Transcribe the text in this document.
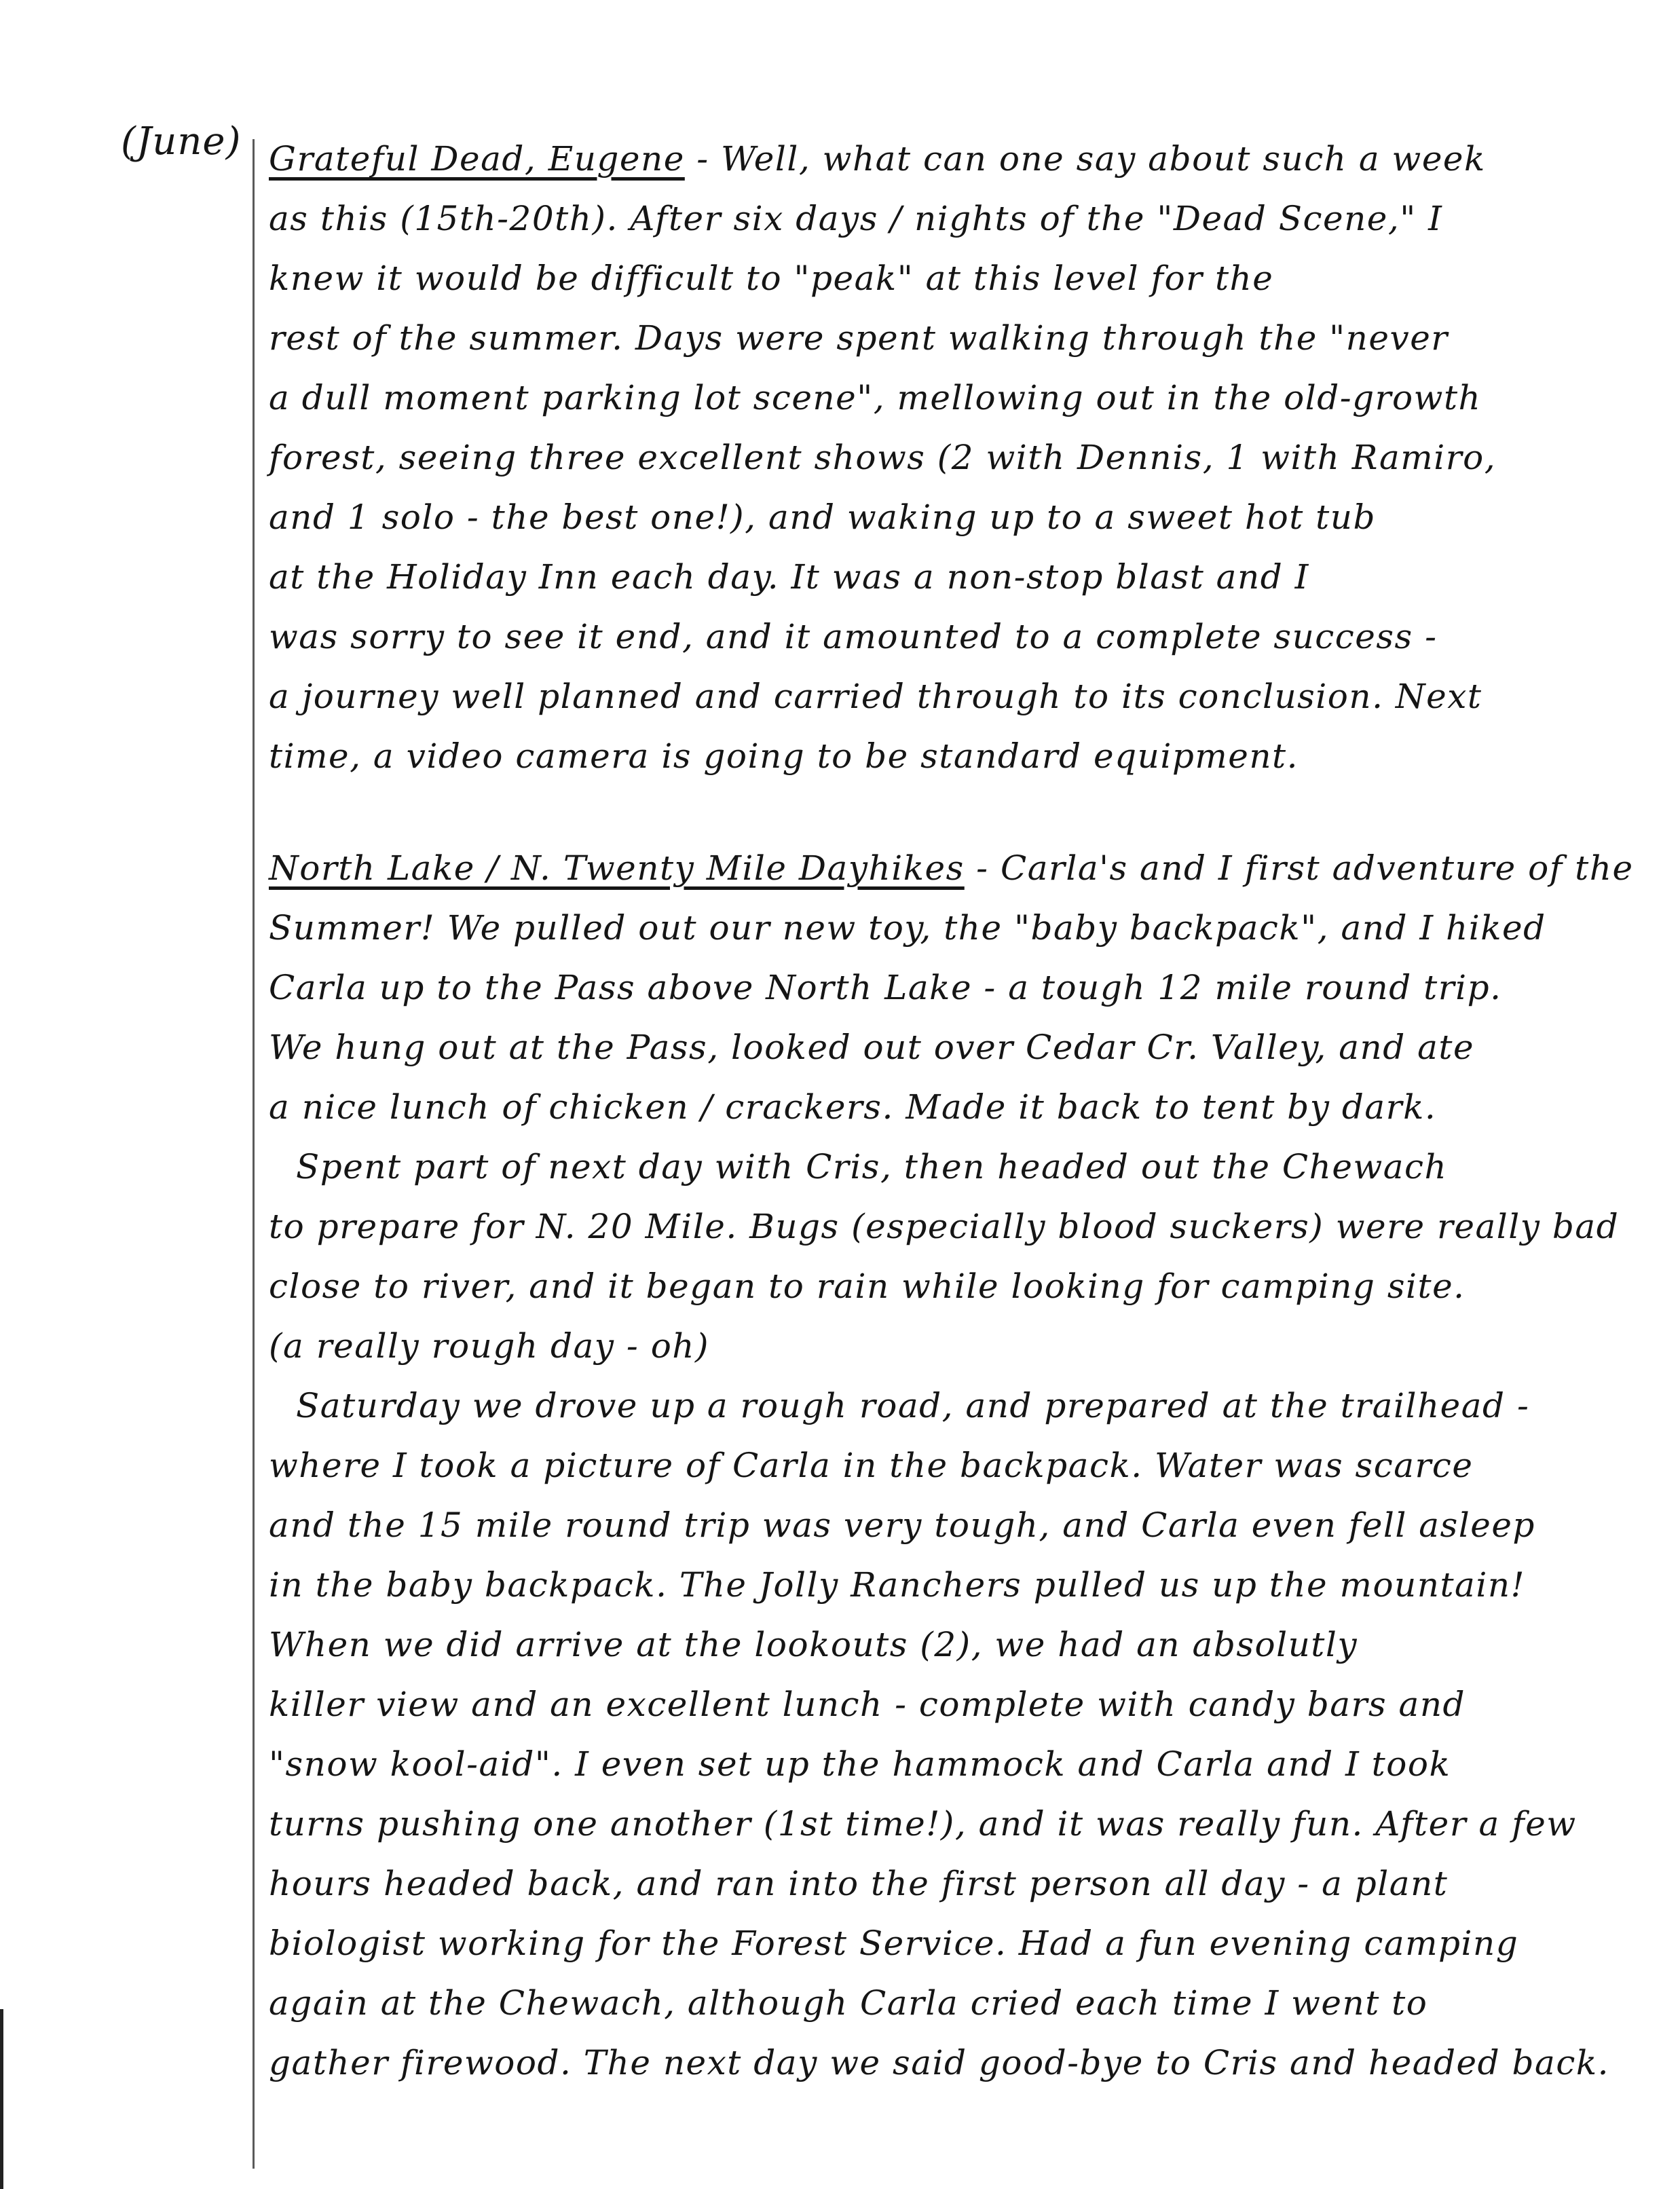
(June) Grateful Dead, Eugene - Well, what can one say about such a week
as this (15th-20th). After six days / nights of the "Dead Scene," I
knew it would be difficult to "peak" at this level for the
rest of the summer. Days were spent walking through the "never
a dull moment parking lot scene", mellowing out in the old-growth
forest, seeing three excellent shows (2 with Dennis, 1 with Ramiro,
and 1 solo - the best one!), and waking up to a sweet hot tub
at the Holiday Inn each day. It was a non-stop blast and I
was sorry to see it end, and it amounted to a complete success -
a journey well planned and carried through to its conclusion. Next
time, a video camera is going to be standard equipment.
North Lake / N. Twenty Mile Dayhikes - Carla's and I first adventure of the
Summer! We pulled out our new toy, the "baby backpack", and I hiked
Carla up to the Pass above North Lake - a tough 12 mile round trip.
We hung out at the Pass, looked out over Cedar Cr. Valley, and ate
a nice lunch of chicken / crackers. Made it back to tent by dark.
Spent part of next day with Cris, then headed out the Chewach
to prepare for N. 20 Mile. Bugs (especially blood suckers) were really bad
close to river, and it began to rain while looking for camping site.
(a really rough day - oh)
Saturday we drove up a rough road, and prepared at the trailhead -
where I took a picture of Carla in the backpack. Water was scarce
and the 15 mile round trip was very tough, and Carla even fell asleep
in the baby backpack. The Jolly Ranchers pulled us up the mountain!
When we did arrive at the lookouts (2), we had an absolutly
killer view and an excellent lunch - complete with candy bars and
"snow kool-aid". I even set up the hammock and Carla and I took
turns pushing one another (1st time!), and it was really fun. After a few
hours headed back, and ran into the first person all day - a plant
biologist working for the Forest Service. Had a fun evening camping
again at the Chewach, although Carla cried each time I went to
gather firewood. The next day we said good-bye to Cris and headed back.
